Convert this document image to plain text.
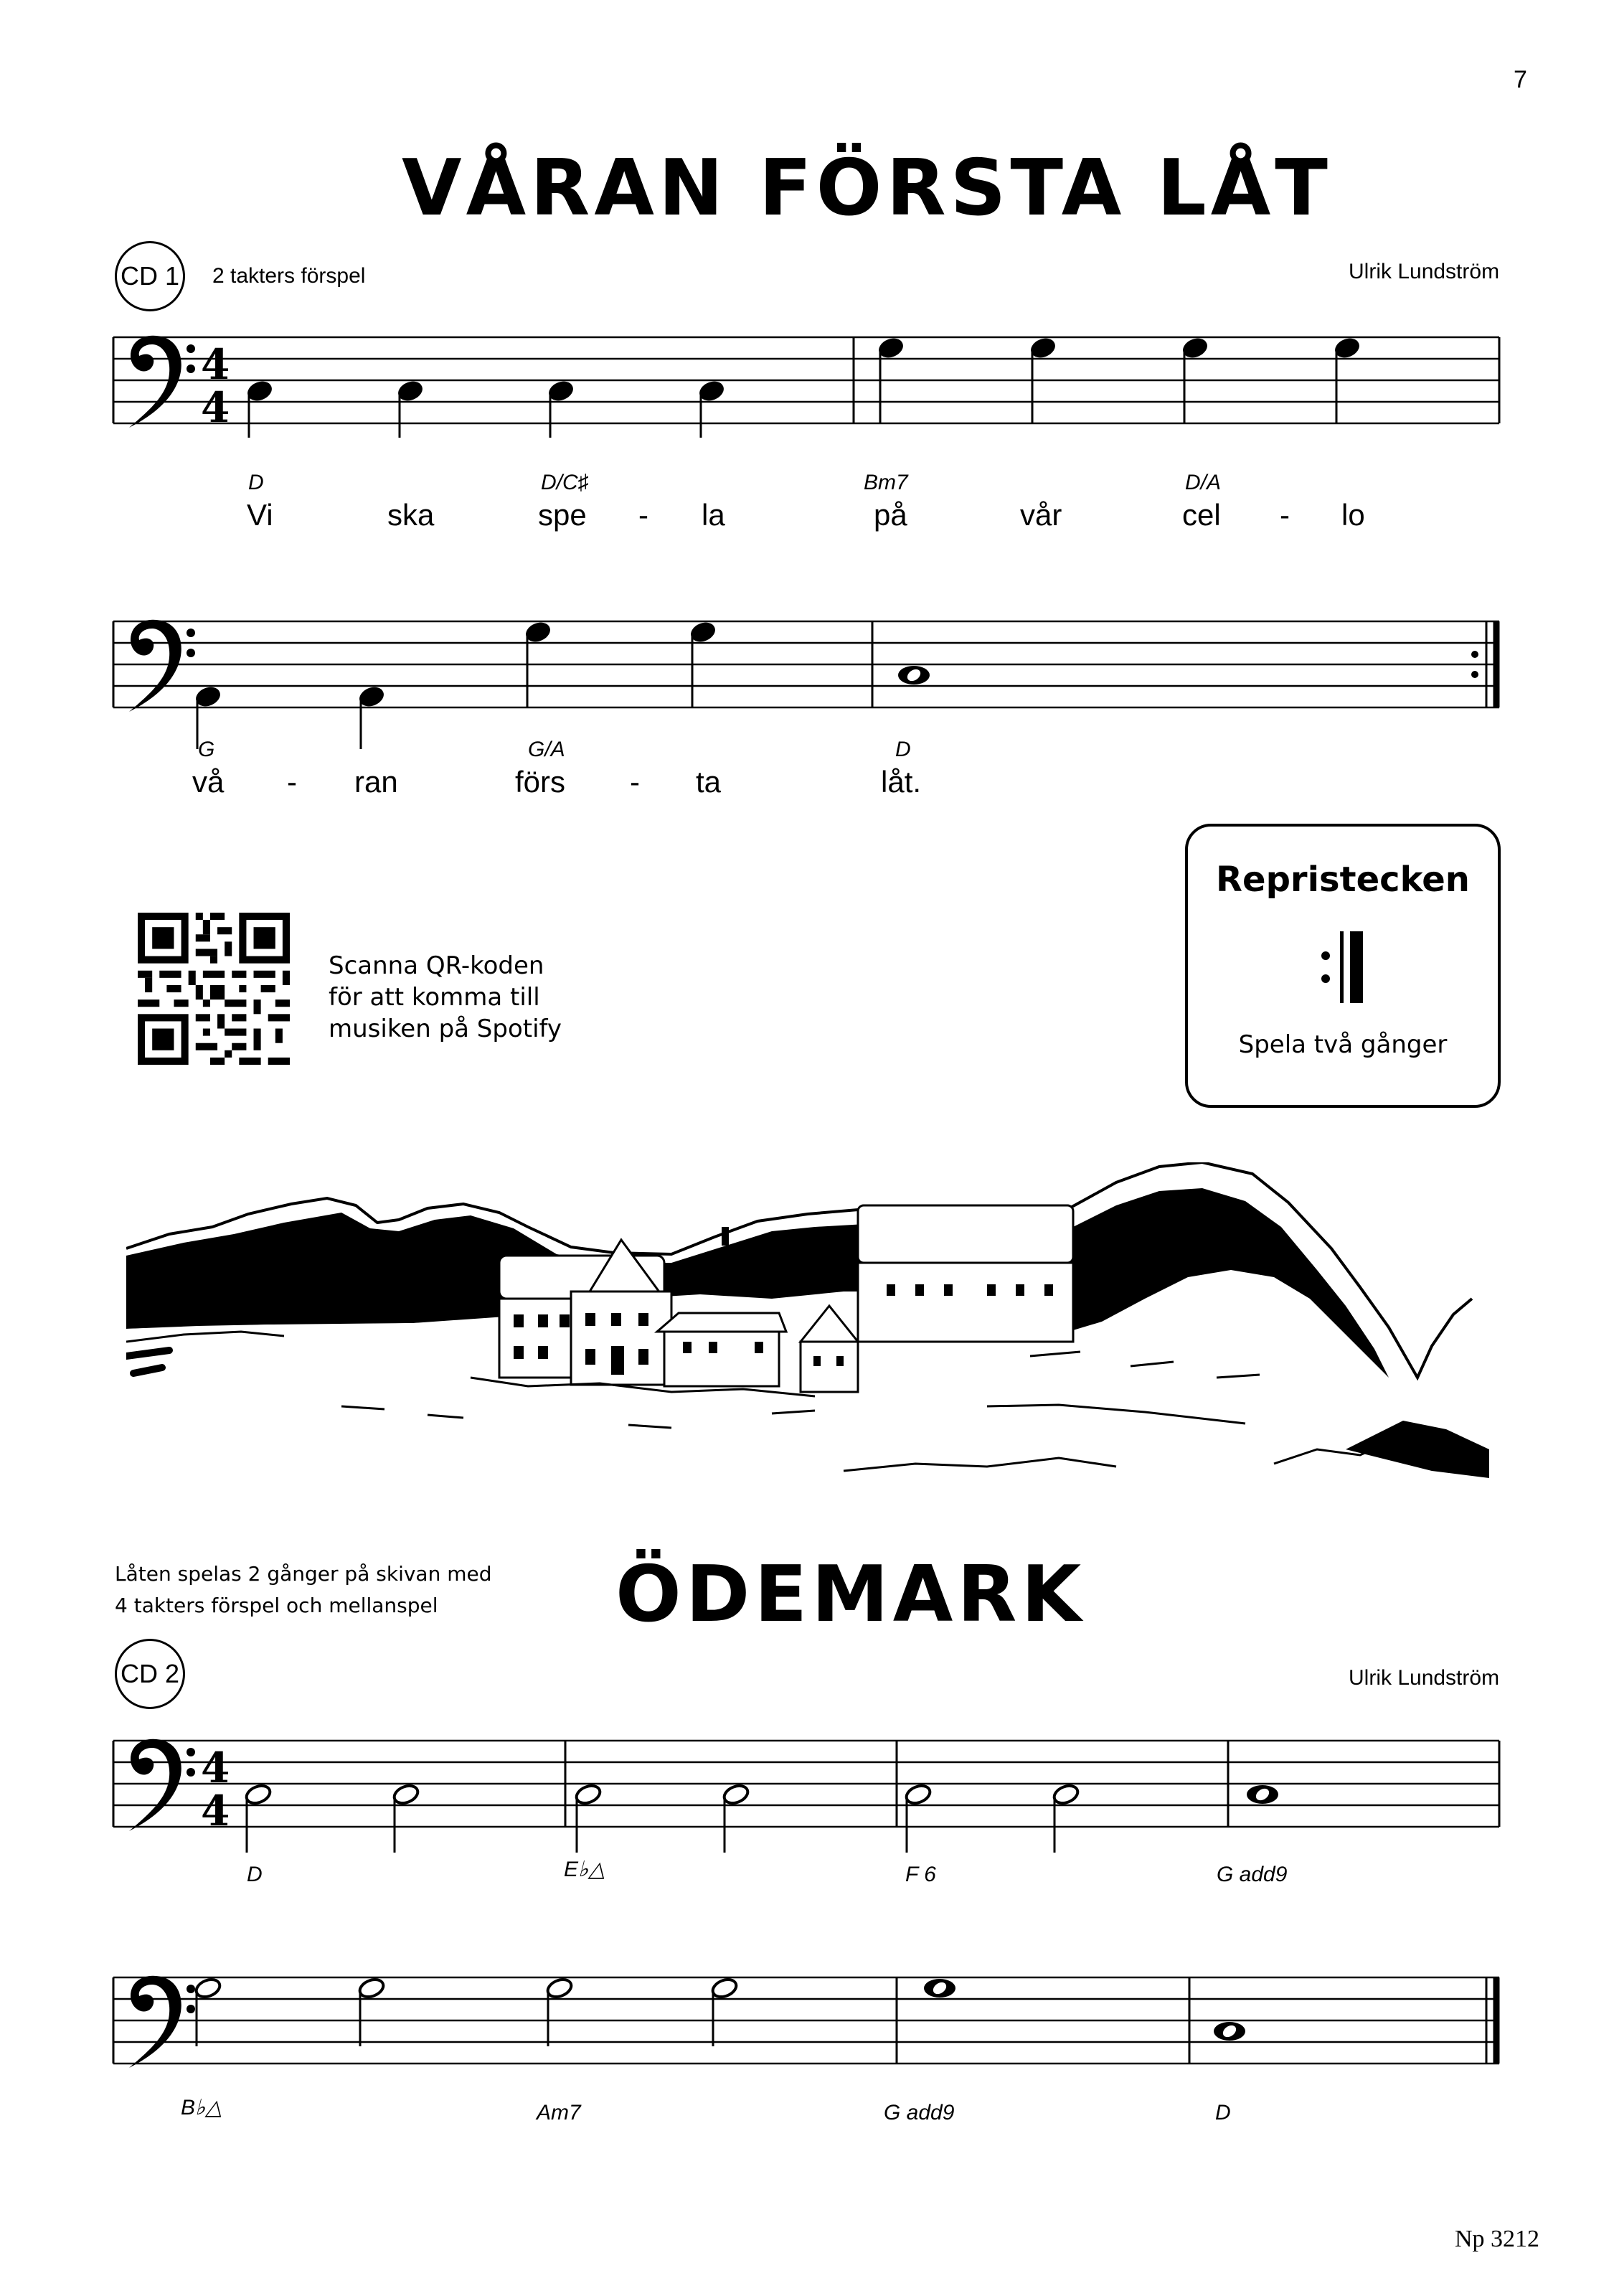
7
VÅRAN FÖRSTA LÅT
CD 1 2 takters förspel	Ulrik Lundström
4
4
D	D/C♯	Bm7	D/A
Vi	ska	spe - la	på	vår	cel - lo
G	G/A	D
vå - ran	förs - ta	låt.
Scanna QR-koden
för att komma till
musiken på Spotify
Repristecken
Spela två gånger
Låten spelas 2 gånger på skivan med
4 takters förspel och mellanspel	ÖDEMARK
CD 2	Ulrik Lundström
4
4
D	E♭△	F 6	G add9
B♭△	Am7	G add9	D
Np 3212
